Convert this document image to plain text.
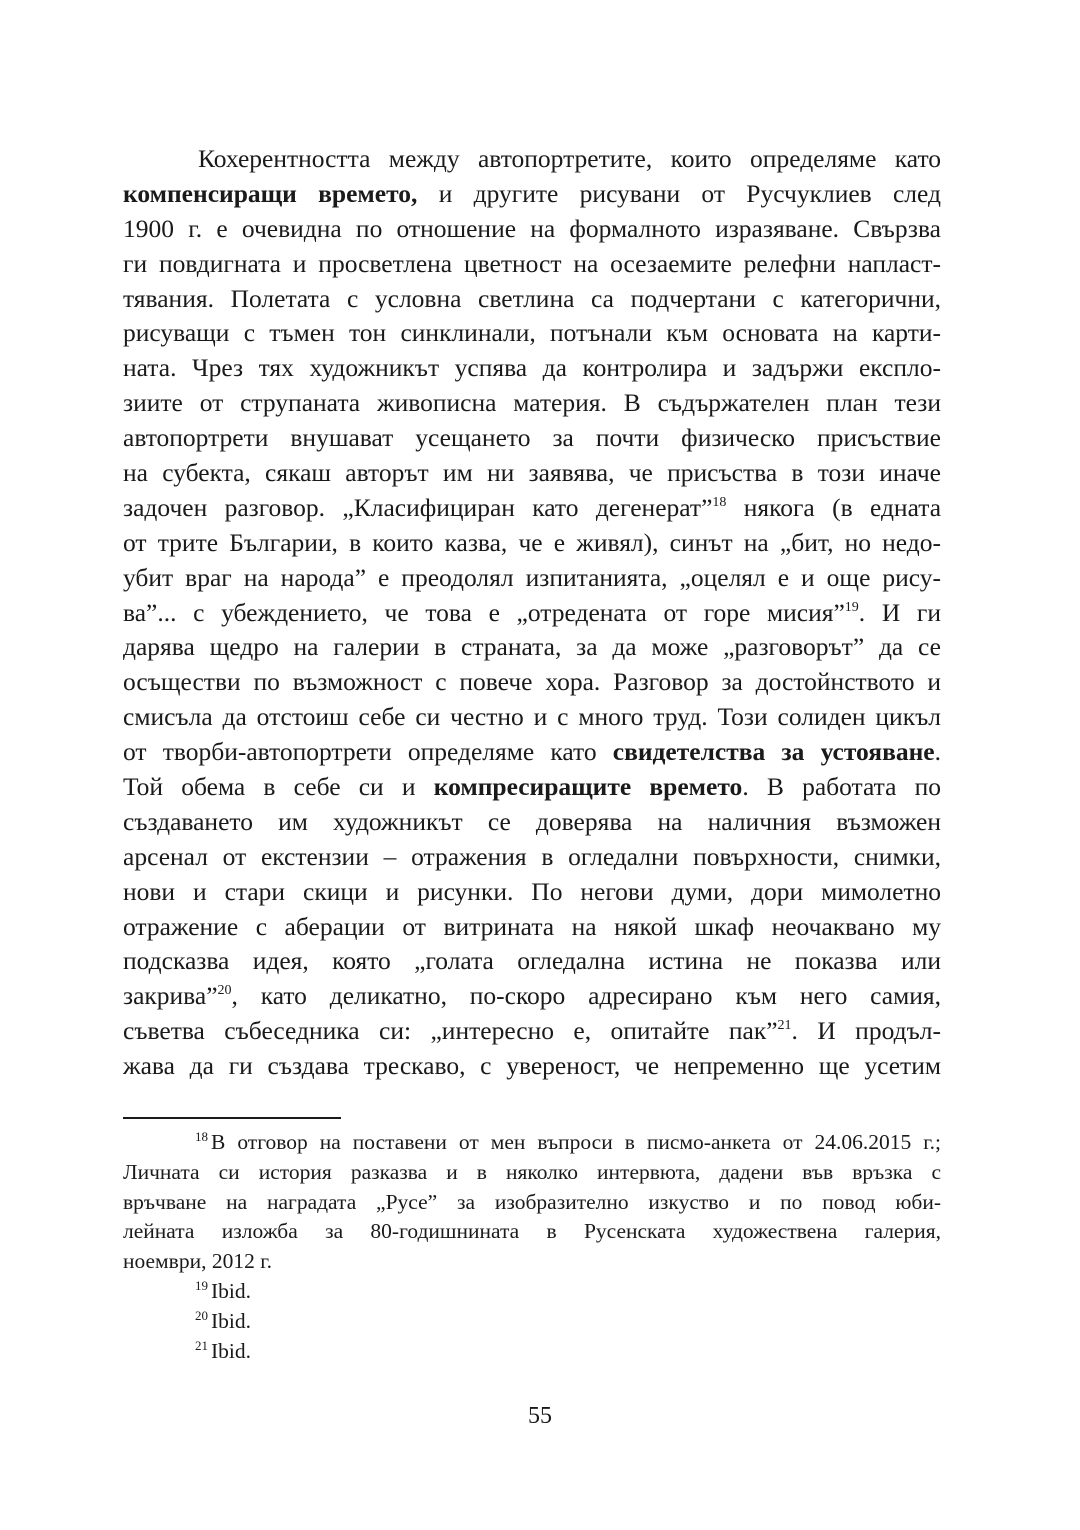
Кохерентността между автопортретите, които определяме като
компенсиращи времето, и другите рисувани от Русчуклиев след
1900 г. е очевидна по отношение на формалното изразяване. Свързва
ги повдигната и просветлена цветност на осезаемите релефни напласт-
тявания. Полетата с условна светлина са подчертани с категорични,
рисуващи с тъмен тон синклинали, потънали към основата на карти-
ната. Чрез тях художникът успява да контролира и задържи експло-
зиите от струпаната живописна материя. В съдържателен план тези
автопортрети внушават усещането за почти физическо присъствие
на субекта, сякаш авторът им ни заявява, че присъства в този иначе
задочен разговор. „Класифициран като дегенерат”$^{18}$ някога (в едната
от трите Българии, в които казва, че е живял), синът на „бит, но недо-
убит враг на народа” е преодолял изпитанията, „оцелял е и още рису-
ва”... с убеждението, че това е „отредената от горе мисия”$^{19}$. И ги
дарява щедро на галерии в страната, за да може „разговорът” да се
осъществи по възможност с повече хора. Разговор за достойнството и
смисъла да отстоиш себе си честно и с много труд. Този солиден цикъл
от творби-автопортрети определяме като свидетелства за устояване.
Той обема в себе си и компресиращите времето. В работата по
създаването им художникът се доверява на наличния възможен
арсенал от екстензии – отражения в огледални повърхности, снимки,
нови и стари скици и рисунки. По негови думи, дори мимолетно
отражение с аберации от витрината на някой шкаф неочаквано му
подсказва идея, която „голата огледална истина не показва или
закрива”$^{20}$, като деликатно, по-скоро адресирано към него самия,
съветва събеседника си: „интересно е, опитайте пак”$^{21}$. И продъл-
жава да ги създава трескаво, с увереност, че непременно ще усетим
$^{18}$ В отговор на поставени от мен въпроси в писмо-анкета от 24.06.2015 г.;
Личната си история разказва и в няколко интервюта, дадени във връзка с
връчване на наградата „Русе” за изобразително изкуство и по повод юби-
лейната изложба за 80-годишнината в Русенската художествена галерия,
ноември, 2012 г.
$^{19}$ Ibid.
$^{20}$ Ibid.
$^{21}$ Ibid.
55
